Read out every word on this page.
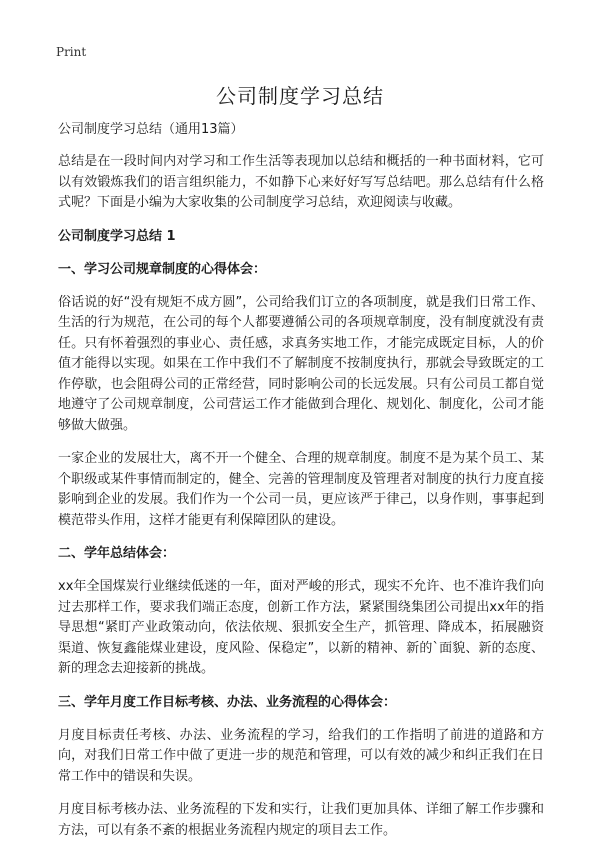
Print
公司制度学习总结

公司制度学习总结（通用13篇）

总结是在一段时间内对学习和工作生活等表现加以总结和概括的一种书面材料，它可以有效锻炼我们的语言组织能力，不如静下心来好好写写总结吧。那么总结有什么格式呢？下面是小编为大家收集的公司制度学习总结，欢迎阅读与收藏。

公司制度学习总结 1
一、学习公司规章制度的心得体会：

俗话说的好“没有规矩不成方圆”，公司给我们订立的各项制度，就是我们日常工作、生活的行为规范，在公司的每个人都要遵循公司的各项规章制度，没有制度就没有责任。只有怀着强烈的事业心、责任感，求真务实地工作，才能完成既定目标，人的价值才能得以实现。如果在工作中我们不了解制度不按制度执行，那就会导致既定的工作停歇，也会阻碍公司的正常经营，同时影响公司的长远发展。只有公司员工都自觉地遵守了公司规章制度，公司营运工作才能做到合理化、规划化、制度化，公司才能够做大做强。

一家企业的发展壮大，离不开一个健全、合理的规章制度。制度不是为某个员工、某个职级或某件事情而制定的，健全、完善的管理制度及管理者对制度的执行力度直接影响到企业的发展。我们作为一个公司一员，更应该严于律己，以身作则，事事起到模范带头作用，这样才能更有利保障团队的建设。

二、学年总结体会：

xx年全国煤炭行业继续低迷的一年，面对严峻的形式，现实不允许、也不准许我们向过去那样工作，要求我们端正态度，创新工作方法，紧紧围绕集团公司提出xx年的指导思想“紧盯产业政策动向，依法依规、狠抓安全生产，抓管理、降成本，拓展融资渠道、恢复鑫能煤业建设，度风险、保稳定”，以新的精神、新的`面貌、新的态度、新的理念去迎接新的挑战。

三、学年月度工作目标考核、办法、业务流程的心得体会：

月度目标责任考核、办法、业务流程的学习，给我们的工作指明了前进的道路和方向，对我们日常工作中做了更进一步的规范和管理，可以有效的减少和纠正我们在日常工作中的错误和失误。

月度目标考核办法、业务流程的下发和实行，让我们更加具体、详细了解工作步骤和方法，可以有条不紊的根据业务流程内规定的项目去工作。
